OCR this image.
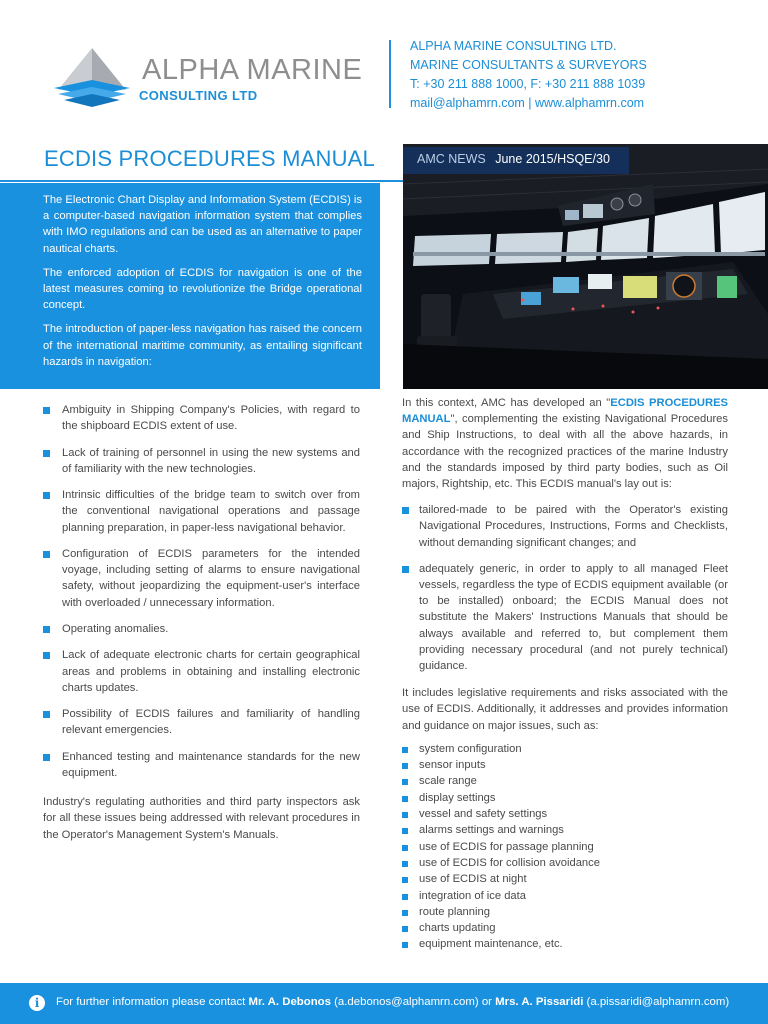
ALPHA MARINE
CONSULTING LTD
ALPHA MARINE CONSULTING LTD.
MARINE CONSULTANTS & SURVEYORS
T: +30 211 888 1000, F: +30 211 888 1039
mail@alphamrn.com | www.alphamrn.com
ECDIS PROCEDURES MANUAL

The Electronic Chart Display and Information System (ECDIS) is a computer-based navigation information system that complies with IMO regulations and can be used as an alternative to paper nautical charts.

The enforced adoption of ECDIS for navigation is one of the latest measures coming to revolutionize the Bridge operational concept.

The introduction of paper-less navigation has raised the concern of the international maritime community, as entailing significant hazards in navigation:

AMC NEWS June 2015/HSQE/30
Ambiguity in Shipping Company's Policies, with regard to the shipboard ECDIS extent of use.
Lack of training of personnel in using the new systems and of familiarity with the new technologies.
Intrinsic difficulties of the bridge team to switch over from the conventional navigational operations and passage planning preparation, in paper-less navigational behavior.
Configuration of ECDIS parameters for the intended voyage, including setting of alarms to ensure navigational safety, without jeopardizing the equipment-user's interface with overloaded / unnecessary information.
Operating anomalies.
Lack of adequate electronic charts for certain geographical areas and problems in obtaining and installing electronic charts updates.
Possibility of ECDIS failures and familiarity of handling relevant emergencies.
Enhanced testing and maintenance standards for the new equipment.

Industry's regulating authorities and third party inspectors ask for all these issues being addressed with relevant procedures in the Operator's Management System's Manuals.

In this context, AMC has developed an "ECDIS PROCEDURES MANUAL", complementing the existing Navigational Procedures and Ship Instructions, to deal with all the above hazards, in accordance with the recognized practices of the marine Industry and the standards imposed by third party bodies, such as Oil majors, Rightship, etc. This ECDIS manual's lay out is:

tailored-made to be paired with the Operator's existing Navigational Procedures, Instructions, Forms and Checklists, without demanding significant changes; and
adequately generic, in order to apply to all managed Fleet vessels, regardless the type of ECDIS equipment available (or to be installed) onboard; the ECDIS Manual does not substitute the Makers' Instructions Manuals that should be always available and referred to, but complement them providing necessary procedural (and not purely technical) guidance.

It includes legislative requirements and risks associated with the use of ECDIS. Additionally, it addresses and provides information and guidance on major issues, such as:

system configuration
sensor inputs
scale range
display settings
vessel and safety settings
alarms settings and warnings
use of ECDIS for passage planning
use of ECDIS for collision avoidance
use of ECDIS at night
integration of ice data
route planning
charts updating
equipment maintenance, etc.
i	For further information please contact Mr. A. Debonos (a.debonos@alphamrn.com) or Mrs. A. Pissaridi (a.pissaridi@alphamrn.com)
